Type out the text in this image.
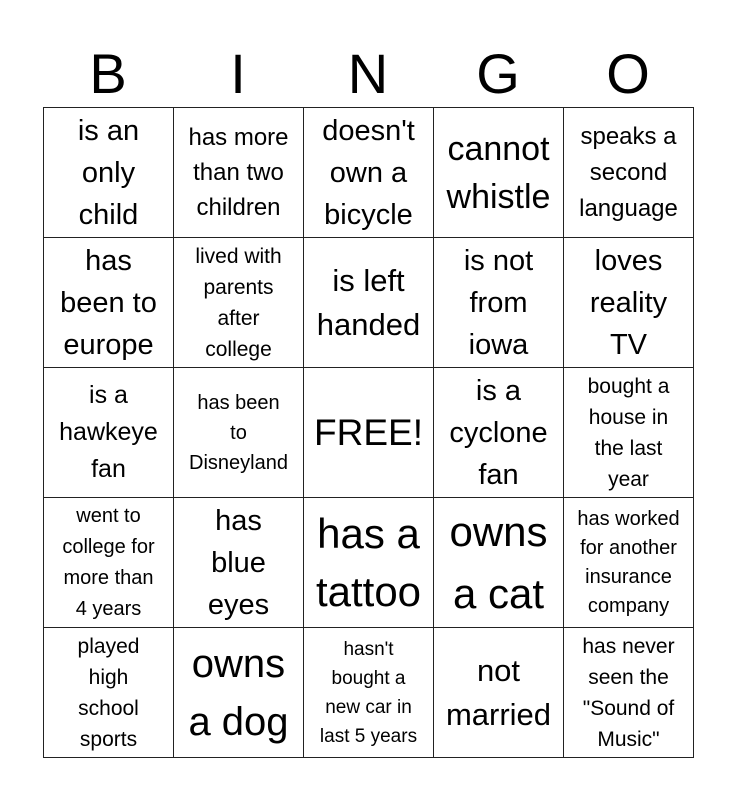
B	I	N	G	O
is an
only
child	has more
than two
children	doesn't
own a
bicycle	cannot
whistle	speaks a
second
language

has
been to
europe	lived with
parents
after
college	is left
handed	is not
from
iowa	loves
reality
TV

is a
hawkeye
fan	has been
to
Disneyland	FREE!	is a
cyclone
fan	bought a
house in
the last
year

went to
college for
more than
4 years	has
blue
eyes	has a
tattoo	owns
a cat	has worked
for another
insurance
company

played
high
school
sports	owns
a dog	hasn't
bought a
new car in
last 5 years	not
married	has never
seen the
"Sound of
Music"
